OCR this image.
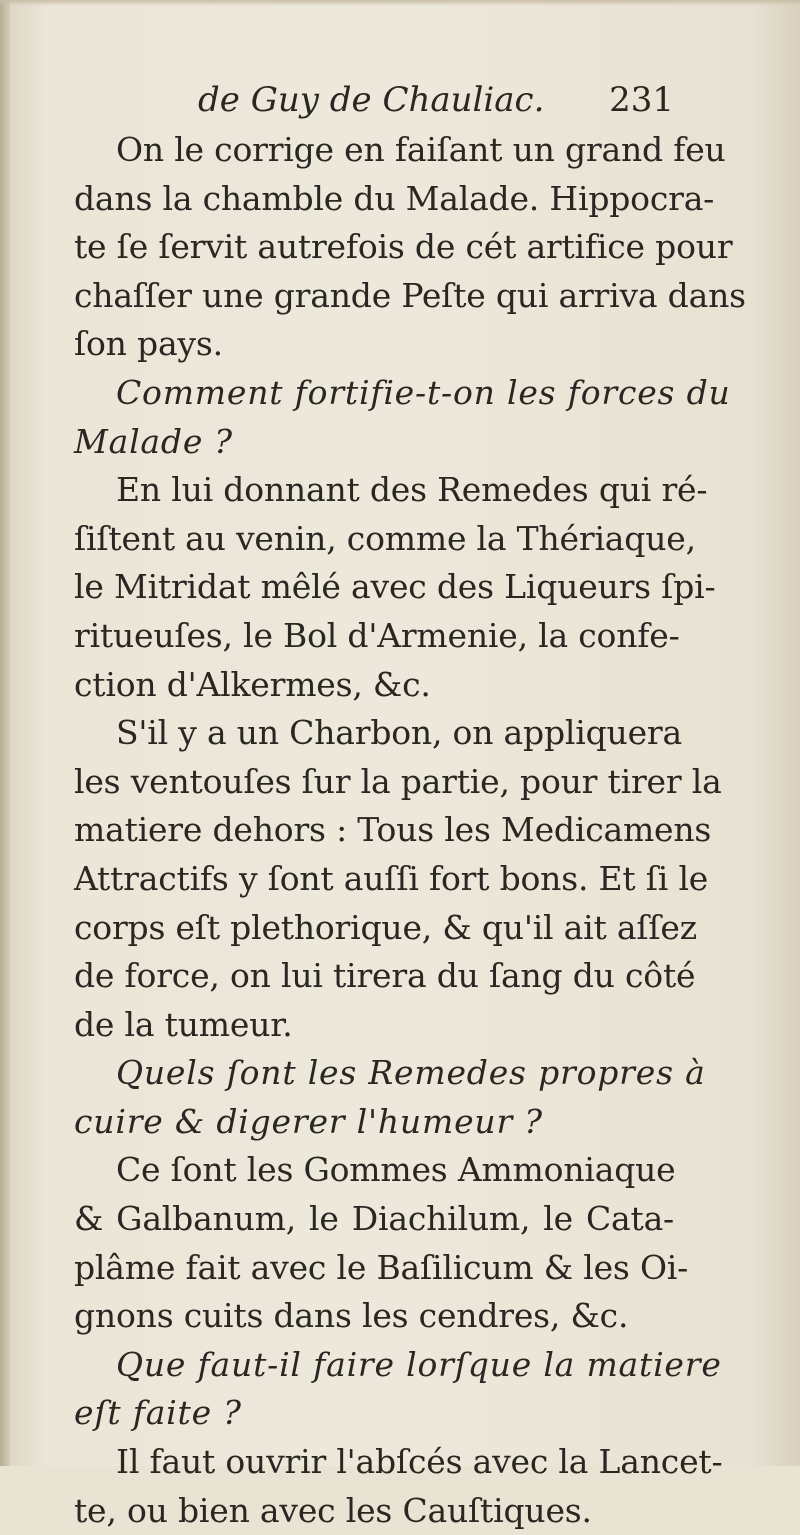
de Guy de Chauliac. 231
On le corrige en faiſant un grand feu
dans la chamble du Malade. Hippocra-
te ſe ſervit autrefois de cét artifice pour
chaſſer une grande Peſte qui arriva dans
ſon pays.
Comment fortifie-t-on les forces du
Malade ?
En lui donnant des Remedes qui ré-
ſiſtent au venin, comme la Thériaque,
le Mitridat mêlé avec des Liqueurs ſpi-
ritueuſes, le Bol d'Armenie, la confe-
ction d'Alkermes, &c.
S'il y a un Charbon, on appliquera
les ventouſes ſur la partie, pour tirer la
matiere dehors : Tous les Medicamens
Attractifs y ſont auſſi fort bons. Et ſi le
corps eſt plethorique, & qu'il ait aſſez
de force, on lui tirera du ſang du côté
de la tumeur.
Quels ſont les Remedes propres à
cuire & digerer l'humeur ?
Ce ſont les Gommes Ammoniaque
& Galbanum, le Diachilum, le Cata-
plâme fait avec le Baſilicum & les Oi-
gnons cuits dans les cendres, &c.
Que faut-il faire lorſque la matiere
eſt faite ?
Il faut ouvrir l'abſcés avec la Lancet-
te, ou bien avec les Cauſtiques.
